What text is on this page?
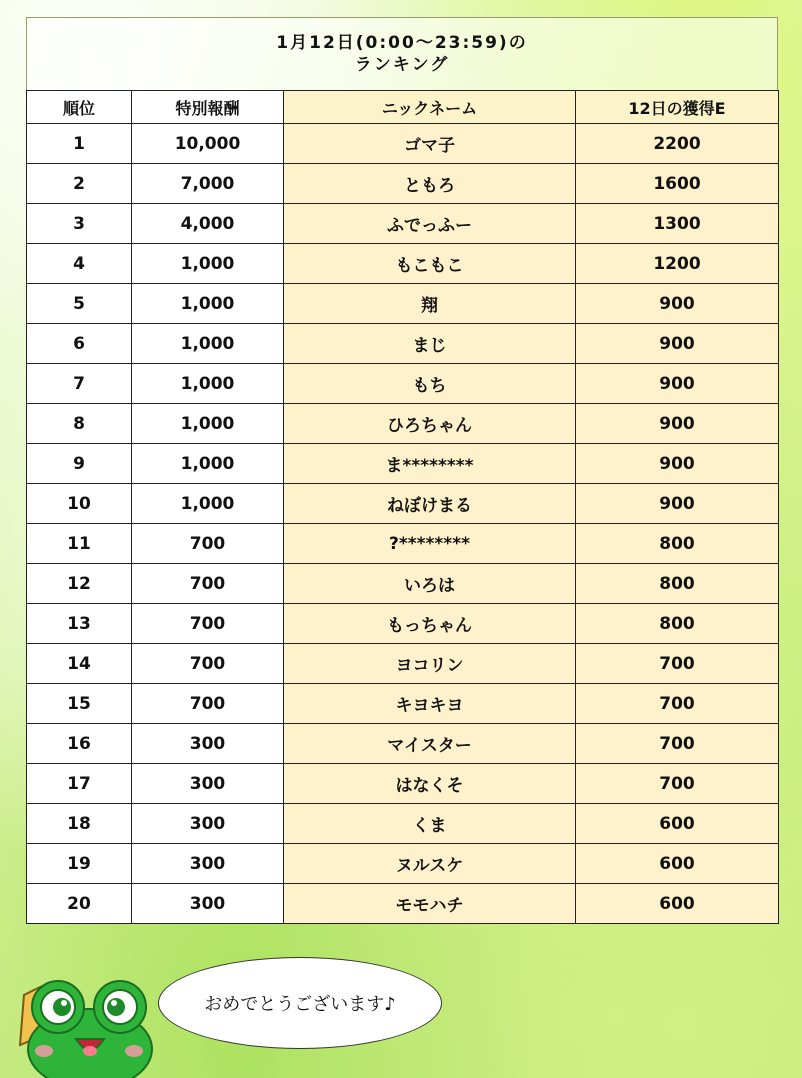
1月12日(0:00～23:59)の
ランキング
順位	特別報酬	ニックネーム	12日の獲得E
1	10,000	ゴマ子	2200
2	7,000	ともろ	1600
3	4,000	ふでっふー	1300
4	1,000	もこもこ	1200
5	1,000	翔	900
6	1,000	まじ	900
7	1,000	もち	900
8	1,000	ひろちゃん	900
9	1,000	ま********	900
10	1,000	ねぼけまる	900
11	700	?********	800
12	700	いろは	800
13	700	もっちゃん	800
14	700	ヨコリン	700
15	700	キヨキヨ	700
16	300	マイスター	700
17	300	はなくそ	700
18	300	くま	600
19	300	ヌルスケ	600
20	300	モモハチ	600
おめでとうございます♪
